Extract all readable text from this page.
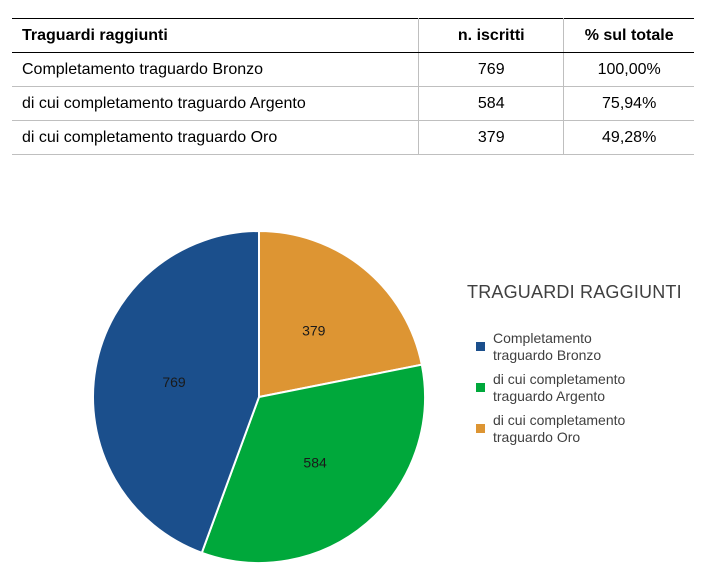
Traguardi raggiunti	n. iscritti	% sul totale
Completamento traguardo Bronzo	769	100,00%
di cui completamento traguardo Argento	584	75,94%
di cui completamento traguardo Oro	379	49,28%
379
584
769
TRAGUARDI RAGGIUNTI
Completamento
traguardo Bronzo
di cui completamento
traguardo Argento
di cui completamento
traguardo Oro
